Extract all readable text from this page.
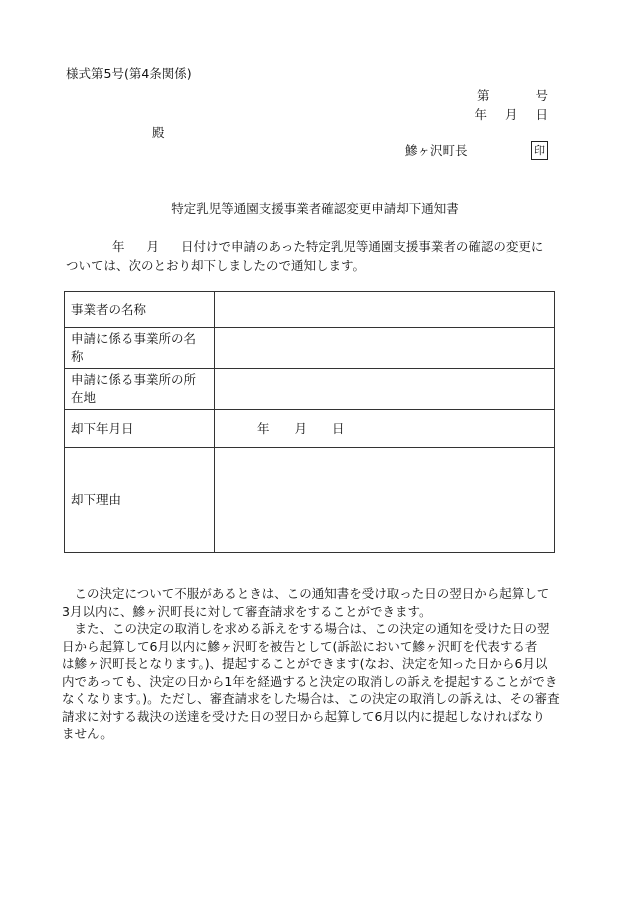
様式第5号(第4条関係)
第	号
年 月 日
殿
鰺ヶ沢町長	印
特定乳児等通園支援事業者確認変更申請却下通知書
年 月 日付けで申請のあった特定乳児等通園支援事業者の確認の変更に
ついては、次のとおり却下しましたので通知します。
事業者の名称	
申請に係る事業所の名称	
申請に係る事業所の所在地	
却下年月日	年　　月　　日
却下理由	
　この決定について不服があるときは、この通知書を受け取った日の翌日から起算して
3月以内に、鰺ヶ沢町長に対して審査請求をすることができます。
　また、この決定の取消しを求める訴えをする場合は、この決定の通知を受けた日の翌
日から起算して6月以内に鰺ヶ沢町を被告として(訴訟において鰺ヶ沢町を代表する者
は鰺ヶ沢町長となります。)、提起することができます(なお、決定を知った日から6月以
内であっても、決定の日から1年を経過すると決定の取消しの訴えを提起することができ
なくなります。)。ただし、審査請求をした場合は、この決定の取消しの訴えは、その審査
請求に対する裁決の送達を受けた日の翌日から起算して6月以内に提起しなければなり
ません。
